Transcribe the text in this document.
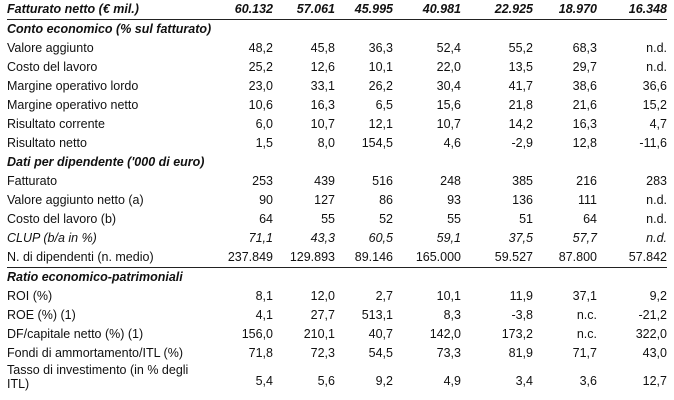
Fatturato netto (€ mil.)	60.132	57.061	45.995	40.981	22.925	18.970	16.348
Conto economico (% sul fatturato)							
Valore aggiunto	48,2	45,8	36,3	52,4	55,2	68,3	n.d.
Costo del lavoro	25,2	12,6	10,1	22,0	13,5	29,7	n.d.
Margine operativo lordo	23,0	33,1	26,2	30,4	41,7	38,6	36,6
Margine operativo netto	10,6	16,3	6,5	15,6	21,8	21,6	15,2
Risultato corrente	6,0	10,7	12,1	10,7	14,2	16,3	4,7
Risultato netto	1,5	8,0	154,5	4,6	-2,9	12,8	-11,6
Dati per dipendente ('000 di euro)							
Fatturato	253	439	516	248	385	216	283
Valore aggiunto netto (a)	90	127	86	93	136	111	n.d.
Costo del lavoro (b)	64	55	52	55	51	64	n.d.
CLUP (b/a in %)	71,1	43,3	60,5	59,1	37,5	57,7	n.d.
N. di dipendenti (n. medio)	237.849	129.893	89.146	165.000	59.527	87.800	57.842
Ratio economico-patrimoniali							
ROI (%)	8,1	12,0	2,7	10,1	11,9	37,1	9,2
ROE (%) (1)	4,1	27,7	513,1	8,3	-3,8	n.c.	-21,2
DF/capitale netto (%) (1)	156,0	210,1	40,7	142,0	173,2	n.c.	322,0
Fondi di ammortamento/ITL (%)	71,8	72,3	54,5	73,3	81,9	71,7	43,0
Tasso di investimento (in % degli ITL)	5,4	5,6	9,2	4,9	3,4	3,6	12,7
